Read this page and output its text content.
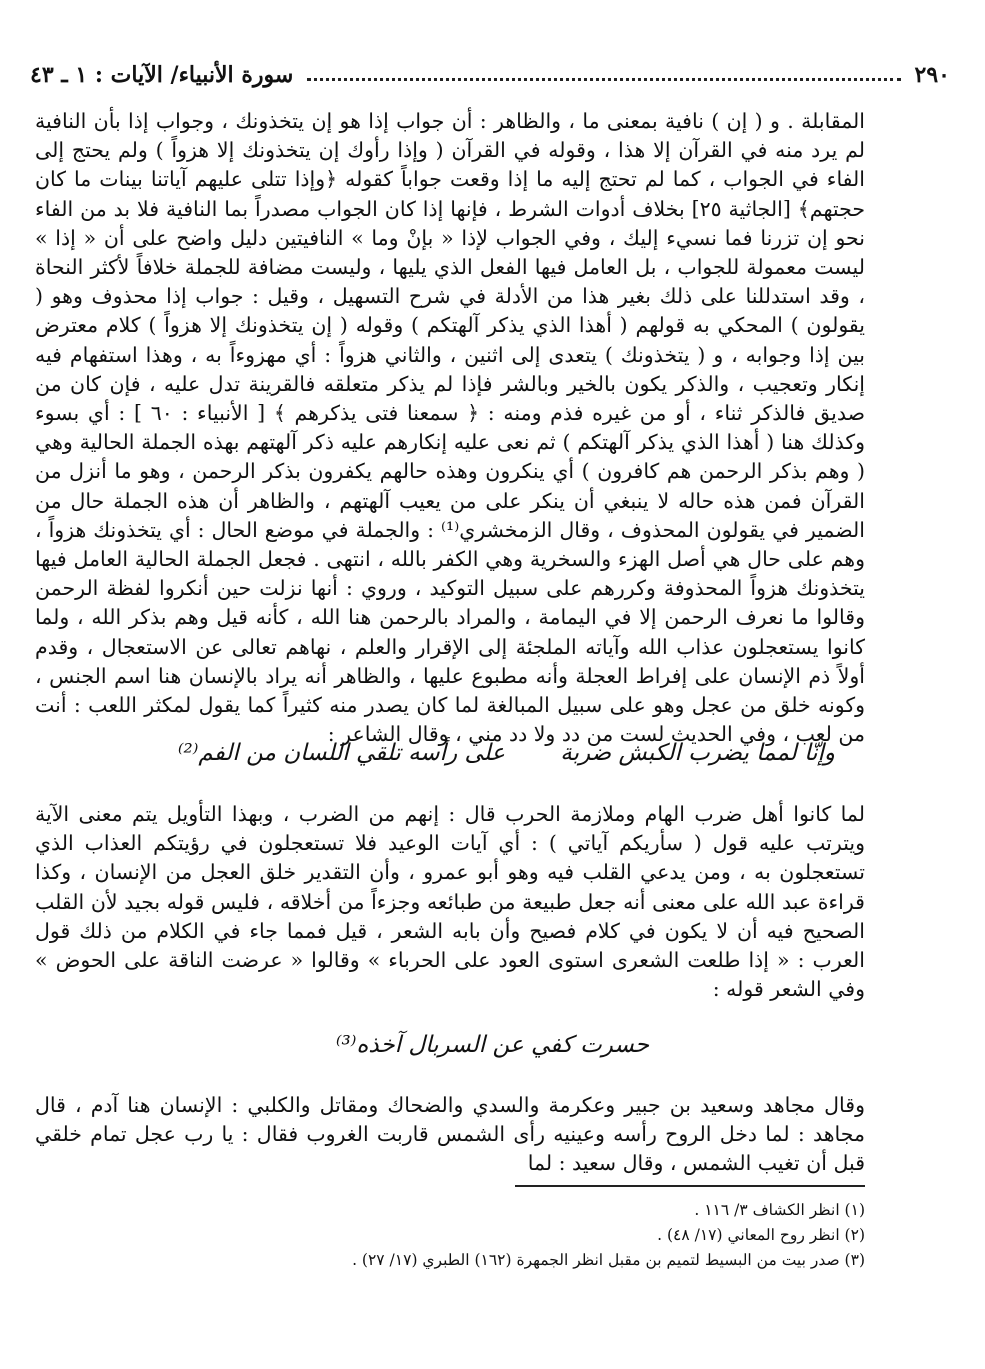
٢٩٠
سورة الأنبياء/ الآيات : ١ ـ ٤٣

المقابلة . و ( إن ) نافية بمعنى ما ، والظاهر : أن جواب إذا هو إن يتخذونك ، وجواب إذا بأن النافية لم يرد منه في القرآن إلا هذا ، وقوله في القرآن ( وإذا رأوك إن يتخذونك إلا هزواً ) ولم يحتج إلى الفاء في الجواب ، كما لم تحتج إليه ما إذا وقعت جواباً كقوله ﴿وإذا تتلى عليهم آياتنا بينات ما كان حجتهم﴾ [الجاثية ٢٥] بخلاف أدوات الشرط ، فإنها إذا كان الجواب مصدراً بما النافية فلا بد من الفاء نحو إن تزرنا فما نسيء إليك ، وفي الجواب لإذا « بإنْ وما » النافيتين دليل واضح على أن « إذا » ليست معمولة للجواب ، بل العامل فيها الفعل الذي يليها ، وليست مضافة للجملة خلافاً لأكثر النحاة ، وقد استدللنا على ذلك بغير هذا من الأدلة في شرح التسهيل ، وقيل : جواب إذا محذوف وهو ( يقولون ) المحكي به قولهم ( أهذا الذي يذكر آلهتكم ) وقوله ( إن يتخذونك إلا هزواً ) كلام معترض بين إذا وجوابه ، و ( يتخذونك ) يتعدى إلى اثنين ، والثاني هزواً : أي مهزوءاً به ، وهذا استفهام فيه إنكار وتعجيب ، والذكر يكون بالخير وبالشر فإذا لم يذكر متعلقه فالقرينة تدل عليه ، فإن كان من صديق فالذكر ثناء ، أو من غيره فذم ومنه : ﴿ سمعنا فتى يذكرهم ﴾ [ الأنبياء : ٦٠ ] : أي بسوء وكذلك هنا ( أهذا الذي يذكر آلهتكم ) ثم نعى عليه إنكارهم عليه ذكر آلهتهم بهذه الجملة الحالية وهي ( وهم بذكر الرحمن هم كافرون ) أي ينكرون وهذه حالهم يكفرون بذكر الرحمن ، وهو ما أنزل من القرآن فمن هذه حاله لا ينبغي أن ينكر على من يعيب آلهتهم ، والظاهر أن هذه الجملة حال من الضمير في يقولون المحذوف ، وقال الزمخشري⁽¹⁾ : والجملة في موضع الحال : أي يتخذونك هزواً ، وهم على حال هي أصل الهزء والسخرية وهي الكفر بالله ، انتهى . فجعل الجملة الحالية العامل فيها يتخذونك هزواً المحذوفة وكررهم على سبيل التوكيد ، وروي : أنها نزلت حين أنكروا لفظة الرحمن وقالوا ما نعرف الرحمن إلا في اليمامة ، والمراد بالرحمن هنا الله ، كأنه قيل وهم بذكر الله ، ولما كانوا يستعجلون عذاب الله وآياته الملجئة إلى الإقرار والعلم ، نهاهم تعالى عن الاستعجال ، وقدم أولاً ذم الإنسان على إفراط العجلة وأنه مطبوع عليها ، والظاهر أنه يراد بالإنسان هنا اسم الجنس ، وكونه خلق من عجل وهو على سبيل المبالغة لما كان يصدر منه كثيراً كما يقول لمكثر اللعب : أنت من لعب ، وفي الحديث لست من دد ولا دد مني ، وقال الشاعر :

وإنّا لمما يضرب الكبش ضربة
على رأسه تلقي اللسان من الفم⁽²⁾

لما كانوا أهل ضرب الهام وملازمة الحرب قال : إنهم من الضرب ، وبهذا التأويل يتم معنى الآية ويترتب عليه قول ( سأريكم آياتي ) : أي آيات الوعيد فلا تستعجلون في رؤيتكم العذاب الذي تستعجلون به ، ومن يدعي القلب فيه وهو أبو عمرو ، وأن التقدير خلق العجل من الإنسان ، وكذا قراءة عبد الله على معنى أنه جعل طبيعة من طبائعه وجزءاً من أخلاقه ، فليس قوله بجيد لأن القلب الصحيح فيه أن لا يكون في كلام فصيح وأن بابه الشعر ، قيل فمما جاء في الكلام من ذلك قول العرب : « إذا طلعت الشعرى استوى العود على الحرباء » وقالوا « عرضت الناقة على الحوض » وفي الشعر قوله :

حسرت كفي عن السربال آخذه⁽³⁾

وقال مجاهد وسعيد بن جبير وعكرمة والسدي والضحاك ومقاتل والكلبي : الإنسان هنا آدم ، قال مجاهد : لما دخل الروح رأسه وعينيه رأى الشمس قاربت الغروب فقال : يا رب عجل تمام خلقي قبل أن تغيب الشمس ، وقال سعيد : لما

(١) انظر الكشاف ٣/ ١١٦ .
(٢) انظر روح المعاني (١٧/ ٤٨) .
(٣) صدر بيت من البسيط لتميم بن مقبل انظر الجمهرة (١٦٢) الطبري (١٧/ ٢٧) .
